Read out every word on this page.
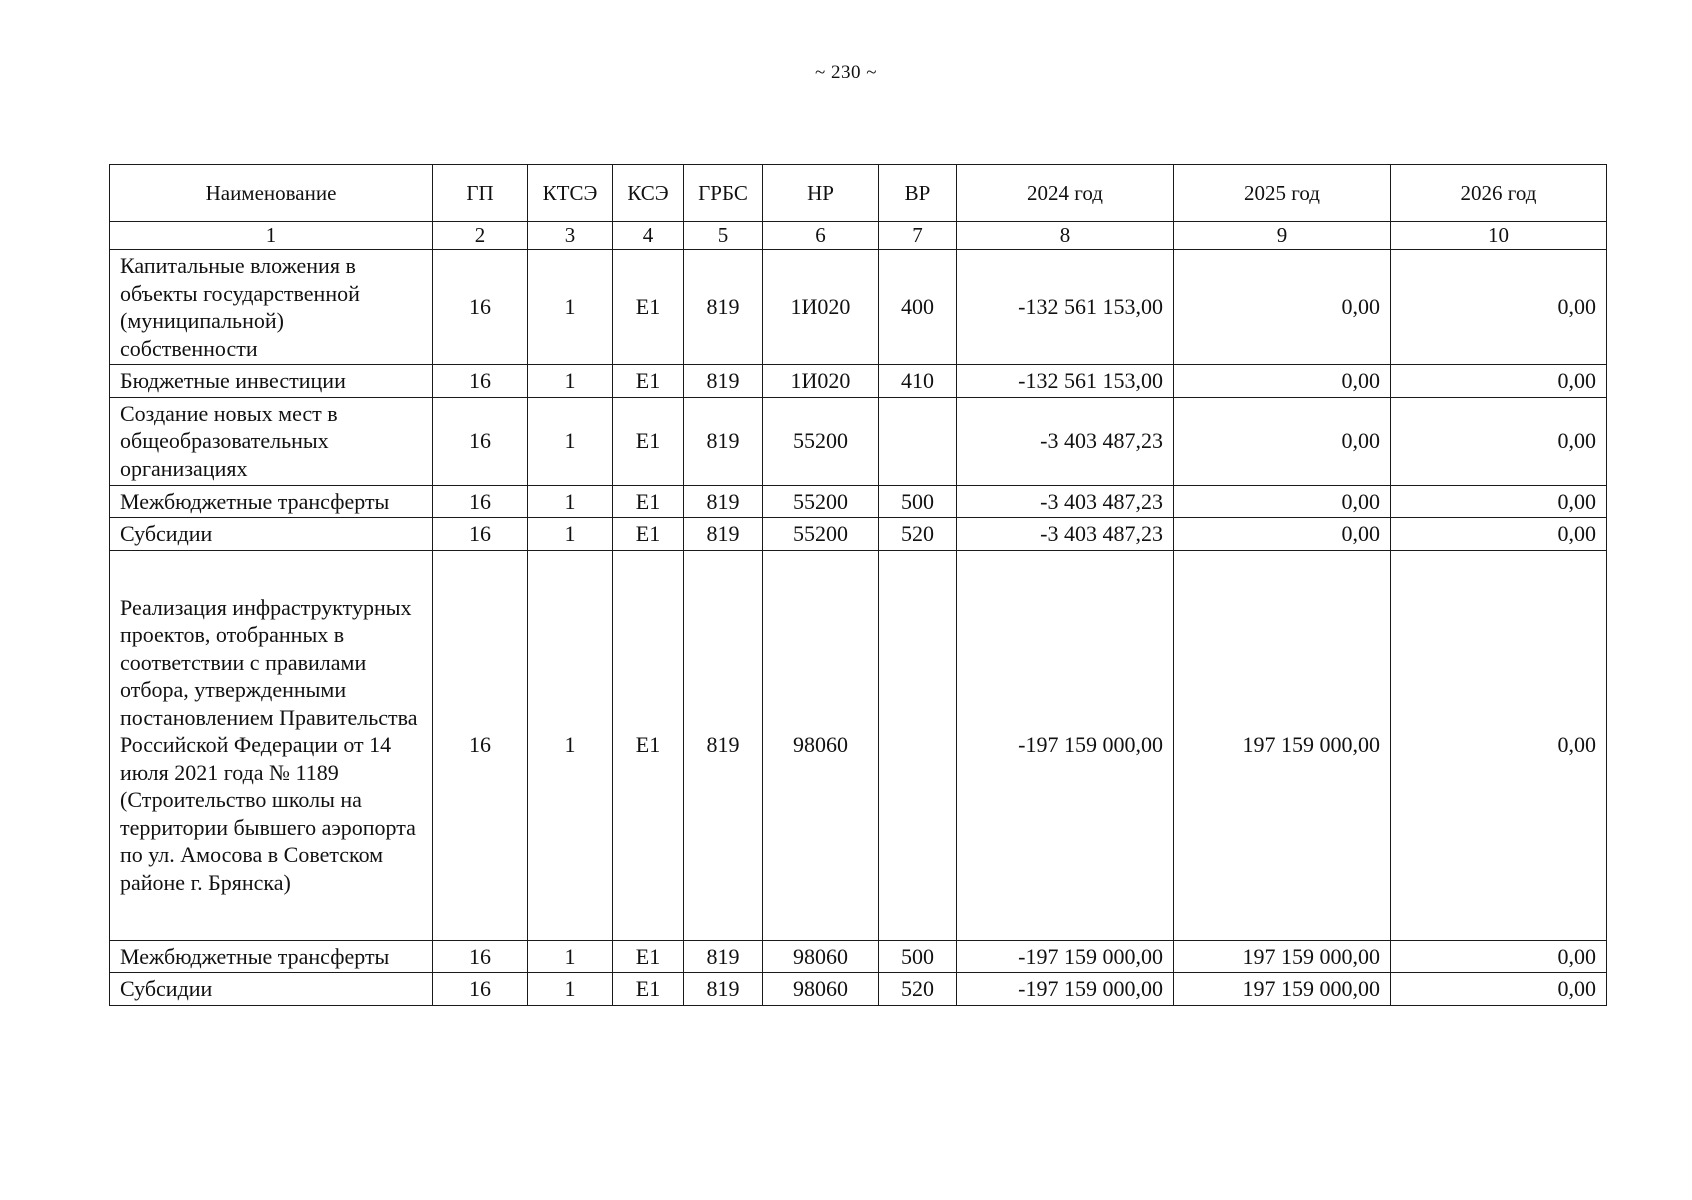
~ 230 ~
Наименование	ГП	КТСЭ	КСЭ	ГРБС	НР	ВР	2024 год	2025 год	2026 год
1	2	3	4	5	6	7	8	9	10
Капитальные вложения в объекты государственной (муниципальной) собственности	16	1	Е1	819	1И020	400	-132 561 153,00	0,00	0,00
Бюджетные инвестиции	16	1	Е1	819	1И020	410	-132 561 153,00	0,00	0,00
Создание новых мест в общеобразовательных организациях	16	1	Е1	819	55200		-3 403 487,23	0,00	0,00
Межбюджетные трансферты	16	1	Е1	819	55200	500	-3 403 487,23	0,00	0,00
Субсидии	16	1	Е1	819	55200	520	-3 403 487,23	0,00	0,00
Реализация инфраструктурных проектов, отобранных в соответствии с правилами отбора, утвержденными постановлением Правительства Российской Федерации от 14 июля 2021 года № 1189 (Строительство школы на территории бывшего аэропорта по ул. Амосова в Советском районе г. Брянска)	16	1	Е1	819	98060		-197 159 000,00	197 159 000,00	0,00
Межбюджетные трансферты	16	1	Е1	819	98060	500	-197 159 000,00	197 159 000,00	0,00
Субсидии	16	1	Е1	819	98060	520	-197 159 000,00	197 159 000,00	0,00
